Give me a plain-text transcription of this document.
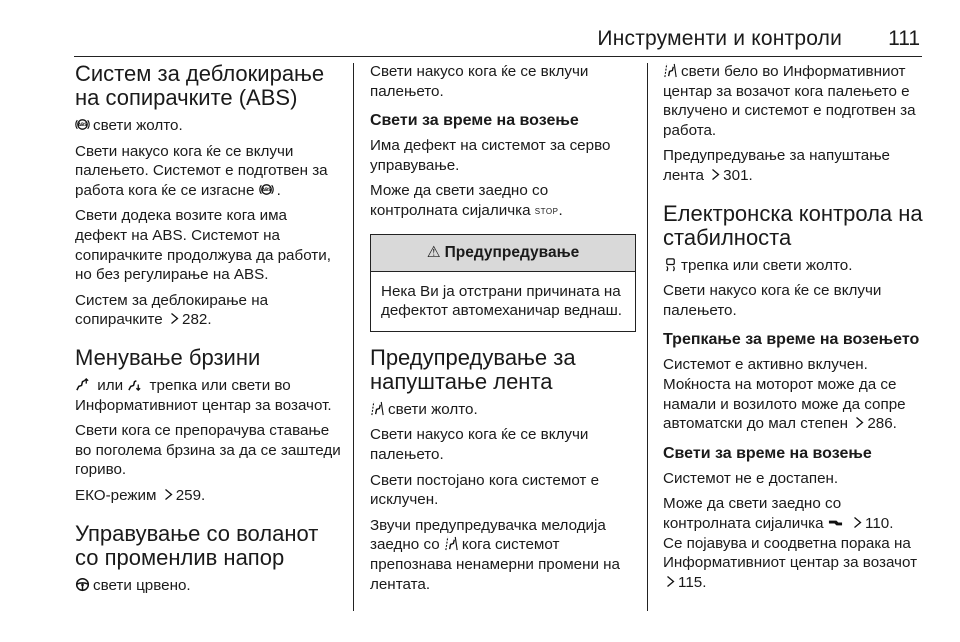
Инструменти и контроли 111
Систем за деблокирање на сопирачките (ABS)

ABS свети жолто.

Свети накусо кога ќе се вклучи палењето. Систeмот е подготвен за работа кога ќе се изгасне ABS .

Свети додека возите кога има дефект на ABS. Системот на сопирачките продолжува да работи, но без регулирање на ABS.

Систем за деблокирање на сопирачките 282.

Менување брзини

или трепка или свети во Информативниот центар за возачот.

Свети кога се препорачува ставање во поголема брзина за да се заштеди гориво.

ЕКО-режим 259.

Управување со воланот со променлив напор

свети црвено.

Свети накусо кога ќе се вклучи палењето.

Свети за време на возење

Има дефект на системот за серво управување.

Може да свети заедно со контролната сијаличка STOP.

⚠ Предупредување
Нека Ви ја отстрани причината на дефектот автомеханичар веднаш.
Предупредување за напуштање лента

свети жолто.

Свети накусо кога ќе се вклучи палењето.

Свети постојано кога системот е исклучен.

Звучи предупредувачка мелодија заедно со кога системот препознава ненамерни промени на лентата.

свети бело во Информативниот центар за возачот кога палењето е вклучено и системот е подготвен за работа.

Предупредување за напуштање лента 301.

Електронска контрола на стабилноста

трепка или свети жолто.

Свети накусо кога ќе се вклучи палењето.

Трепкање за време на возењето

Системот е активно вклучен. Моќноста на моторот може да се намали и возилото може да сопре автоматски до мал степен 286.

Свети за време на возење

Системот не е достапен.

Може да свети заедно со контролната сијаличка
	110.
Се појавува и соодветна порака на Информативниот центар за возачот
115.
